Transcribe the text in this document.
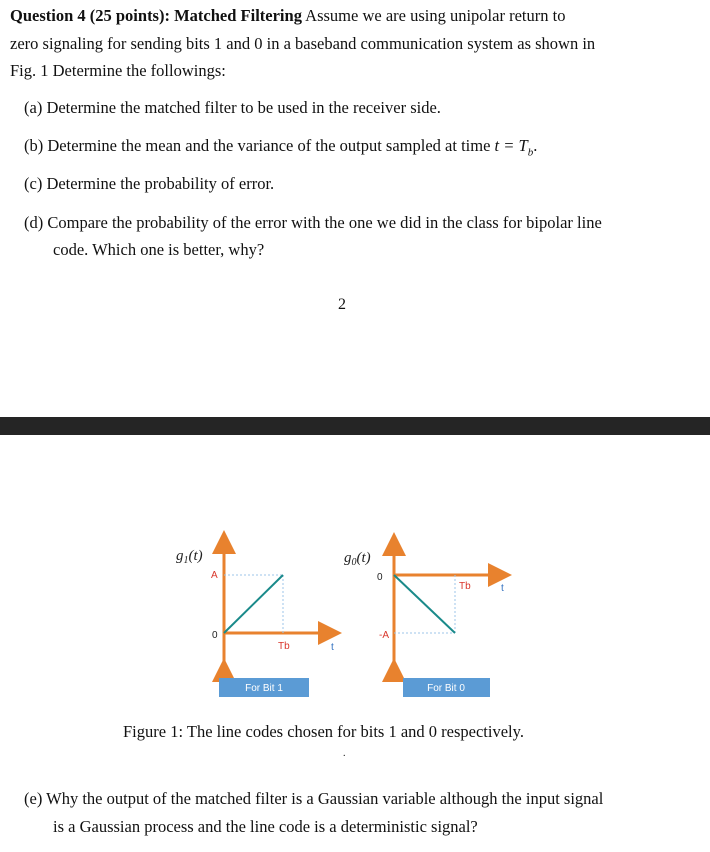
Question 4 (25 points): Matched Filtering Assume we are using unipolar return to
zero signaling for sending bits 1 and 0 in a baseband communication system as shown in
Fig. 1 Determine the followings:
(a) Determine the matched filter to be used in the receiver side.
(b) Determine the mean and the variance of the output sampled at time $t = T_b$.
(c) Determine the probability of error.
(d) Compare the probability of the error with the one we did in the class for bipolar line
code. Which one is better, why?
2
$g_1(t)$
A
0
Tb	t
$g_0(t)$
0
-A
Tb	t
For Bit 1	For Bit 0
Figure 1: The line codes chosen for bits 1 and 0 respectively.
.
(e) Why the output of the matched filter is a Gaussian variable although the input signal
is a Gaussian process and the line code is a deterministic signal?
